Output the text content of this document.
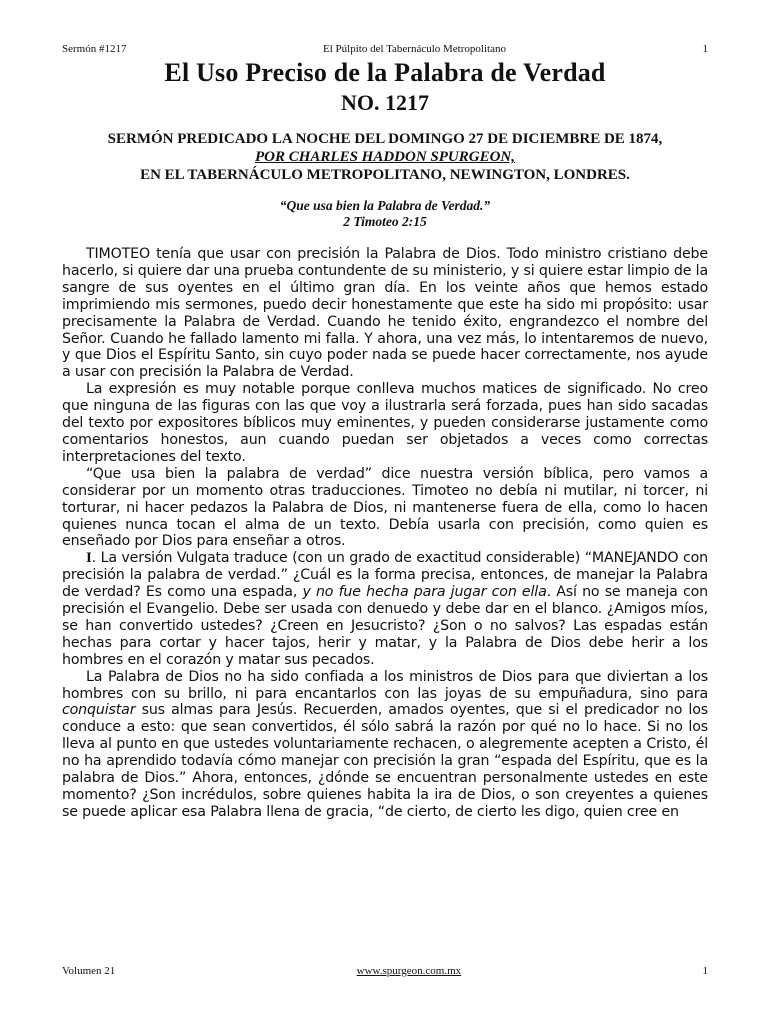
Sermón #1217	El Púlpito del Tabernáculo Metropolitano	1
El Uso Preciso de la Palabra de Verdad
NO. 1217
SERMÓN PREDICADO LA NOCHE DEL DOMINGO 27 DE DICIEMBRE DE 1874,
POR CHARLES HADDON SPURGEON,
EN EL TABERNÁCULO METROPOLITANO, NEWINGTON, LONDRES.
“Que usa bien la Palabra de Verdad.”
2 Timoteo 2:15

TIMOTEO tenía que usar con precisión la Palabra de Dios. Todo ministro cristiano debe hacerlo, si quiere dar una prueba contundente de su ministerio, y si quiere estar limpio de la sangre de sus oyentes en el último gran día. En los veinte años que hemos estado imprimiendo mis sermones, puedo decir honestamente que este ha sido mi propósito: usar precisamente la Palabra de Verdad. Cuando he tenido éxito, engrandezco el nombre del Señor. Cuando he fallado lamento mi falla. Y ahora, una vez más, lo intentaremos de nuevo, y que Dios el Espíritu Santo, sin cuyo poder nada se puede hacer correctamente, nos ayude a usar con precisión la Palabra de Verdad.

La expresión es muy notable porque conlleva muchos matices de significado. No creo que ninguna de las figuras con las que voy a ilustrarla será forzada, pues han sido sacadas del texto por expositores bíblicos muy eminentes, y pueden considerarse justamente como comentarios honestos, aun cuando puedan ser objetados a veces como correctas interpretaciones del texto.

“Que usa bien la palabra de verdad” dice nuestra versión bíblica, pero vamos a considerar por un momento otras traducciones. Timoteo no debía ni mutilar, ni torcer, ni torturar, ni hacer pedazos la Palabra de Dios, ni mantenerse fuera de ella, como lo hacen quienes nunca tocan el alma de un texto. Debía usarla con precisión, como quien es enseñado por Dios para enseñar a otros.

I. La versión Vulgata traduce (con un grado de exactitud considerable) “MANEJANDO con precisión la palabra de verdad.” ¿Cuál es la forma precisa, entonces, de manejar la Palabra de verdad? Es como una espada, y no fue hecha para jugar con ella. Así no se maneja con precisión el Evangelio. Debe ser usada con denuedo y debe dar en el blanco. ¿Amigos míos, se han convertido ustedes? ¿Creen en Jesucristo? ¿Son o no salvos? Las espadas están hechas para cortar y hacer tajos, herir y matar, y la Palabra de Dios debe herir a los hombres en el corazón y matar sus pecados.

La Palabra de Dios no ha sido confiada a los ministros de Dios para que diviertan a los hombres con su brillo, ni para encantarlos con las joyas de su empuñadura, sino para conquistar sus almas para Jesús. Recuerden, amados oyentes, que si el predicador no los conduce a esto: que sean convertidos, él sólo sabrá la razón por qué no lo hace. Si no los lleva al punto en que ustedes voluntariamente rechacen, o alegremente acepten a Cristo, él no ha aprendido todavía cómo manejar con precisión la gran “espada del Espíritu, que es la palabra de Dios.” Ahora, entonces, ¿dónde se encuentran personalmente ustedes en este momento? ¿Son incrédulos, sobre quienes habita la ira de Dios, o son creyentes a quienes se puede aplicar esa Palabra llena de gracia, “de cierto, de cierto les digo, quien cree en

Volumen 21	www.spurgeon.com.mx	1
